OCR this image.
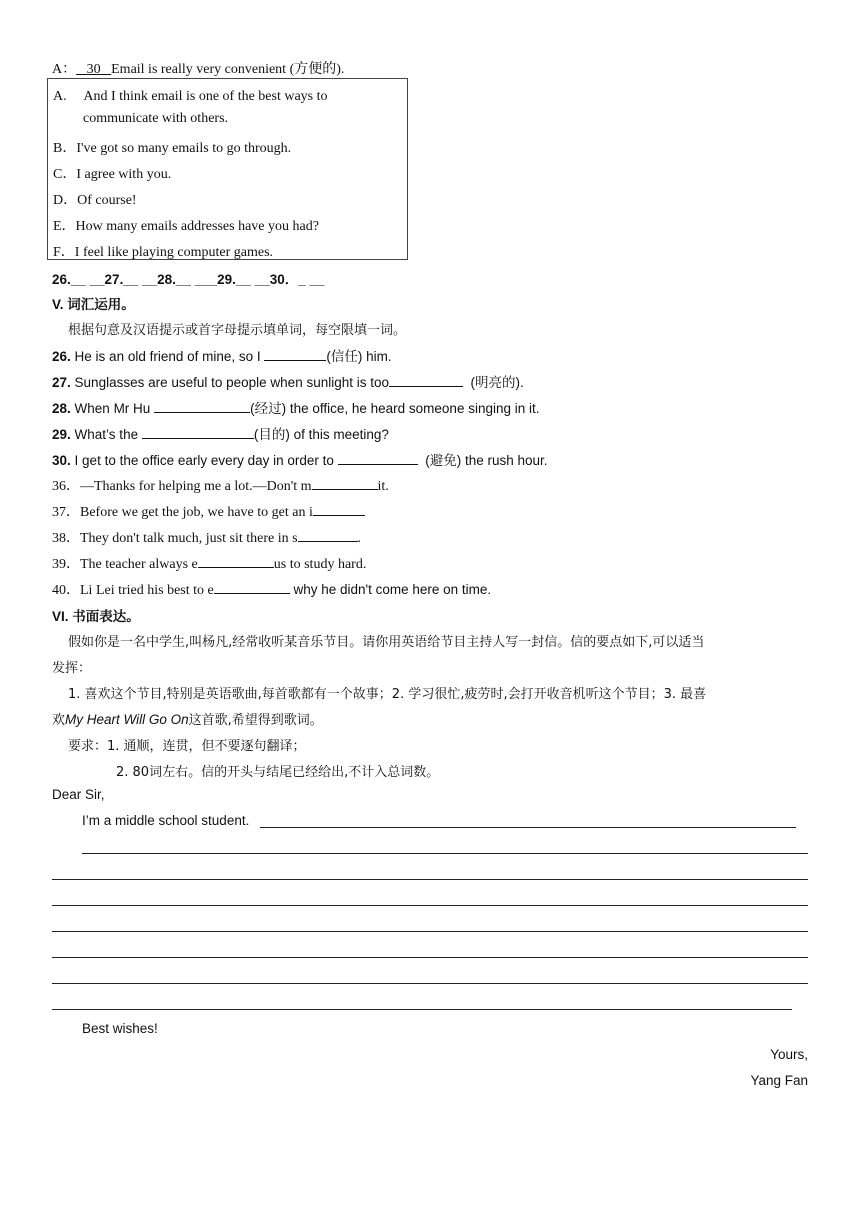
A： 30 Email is really very convenient (方便的).
A.　 And I think email is one of the best ways to
communicate with others.
B．I've got so many emails to go through.
C．I agree with you.
D．Of course!
E．How many emails addresses have you had?
F．I feel like playing computer games.
26.__ __27.__ __28.__ ___29.__ __30．_ __
V. 词汇运用。
根据句意及汉语提示或首字母提示填单词，每空限填一词。
26. He is an old friend of mine, so I	(信任) him.
27. Sunglasses are useful to people when sunlight is too	(明亮的).
28. When Mr Hu	(经过) the office, he heard someone singing in it.
29. What’s the	(目的) of this meeting?
30. I get to the office early every day in order to	(避免) the rush hour.
36．—Thanks for helping me a lot.—Don't m	it.
37．Before we get the job, we have to get an i
38．They don't talk much, just sit there in s	.
39．The teacher always e	us to study hard.
40．Li Lei tried his best to e	why he didn't come here on time.
VI. 书面表达。
假如你是一名中学生,叫杨凡,经常收听某音乐节目。请你用英语给节目主持人写一封信。信的要点如下,可以适当
发挥：
1. 喜欢这个节目,特别是英语歌曲,每首歌都有一个故事；2. 学习很忙,疲劳时,会打开收音机听这个节目；3. 最喜
欢My Heart Will Go On这首歌,希望得到歌词。
要求：1. 通顺，连贯，但不要逐句翻译；
2. 80词左右。信的开头与结尾已经给出,不计入总词数。
Dear Sir,
I’m a middle school student.
Best wishes!
Yours,
Yang Fan
